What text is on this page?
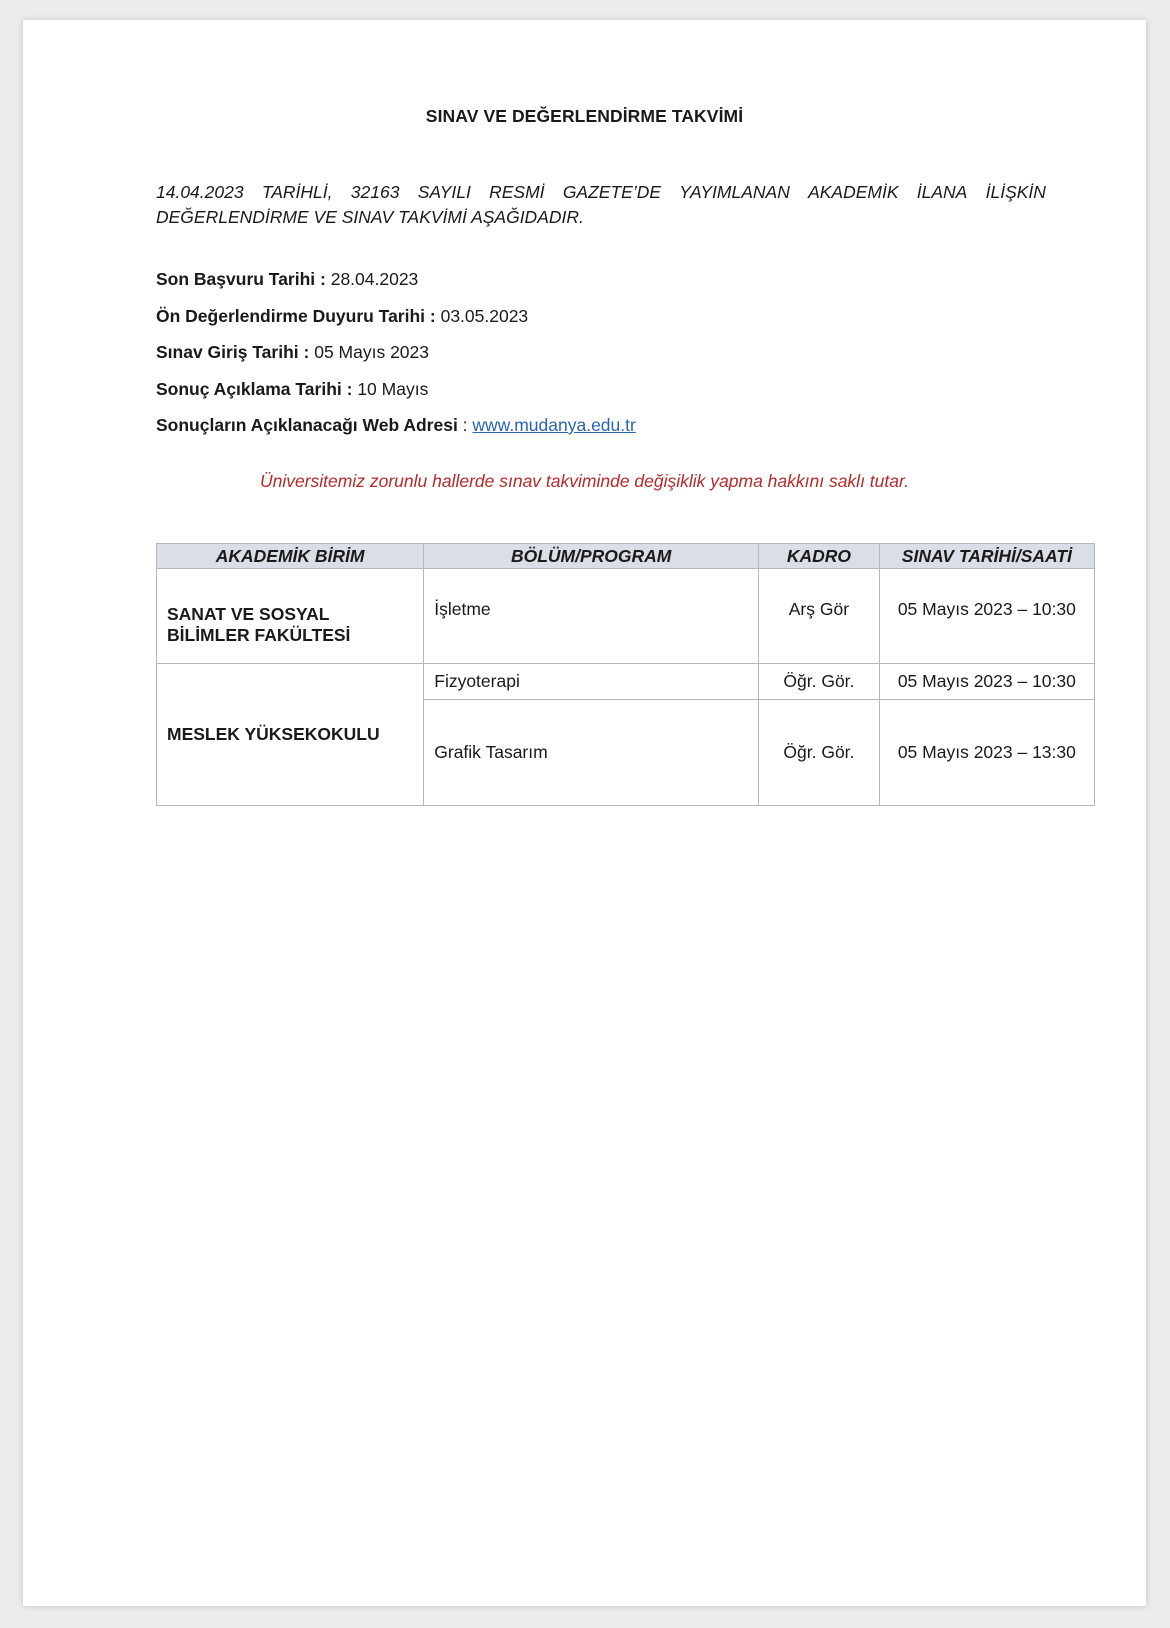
SINAV VE DEĞERLENDİRME TAKVİMİ
14.04.2023 TARİHLİ, 32163 SAYILI RESMİ GAZETE’DE YAYIMLANAN AKADEMİK İLANA İLİŞKİN
DEĞERLENDİRME VE SINAV TAKVİMİ AŞAĞIDADIR.
Son Başvuru Tarihi : 28.04.2023
Ön Değerlendirme Duyuru Tarihi : 03.05.2023
Sınav Giriş Tarihi : 05 Mayıs 2023
Sonuç Açıklama Tarihi : 10 Mayıs
Sonuçların Açıklanacağı Web Adresi : www.mudanya.edu.tr
Üniversitemiz zorunlu hallerde sınav takviminde değişiklik yapma hakkını saklı tutar.
AKADEMİK BİRİM	BÖLÜM/PROGRAM	KADRO	SINAV TARİHİ/SAATİ
SANAT VE SOSYAL BİLİMLER FAKÜLTESİ	İşletme	Arş Gör	05 Mayıs 2023 – 10:30
MESLEK YÜKSEKOKULU	Fizyoterapi	Öğr. Gör.	05 Mayıs 2023 – 10:30
	Grafik Tasarım	Öğr. Gör.	05 Mayıs 2023 – 13:30
